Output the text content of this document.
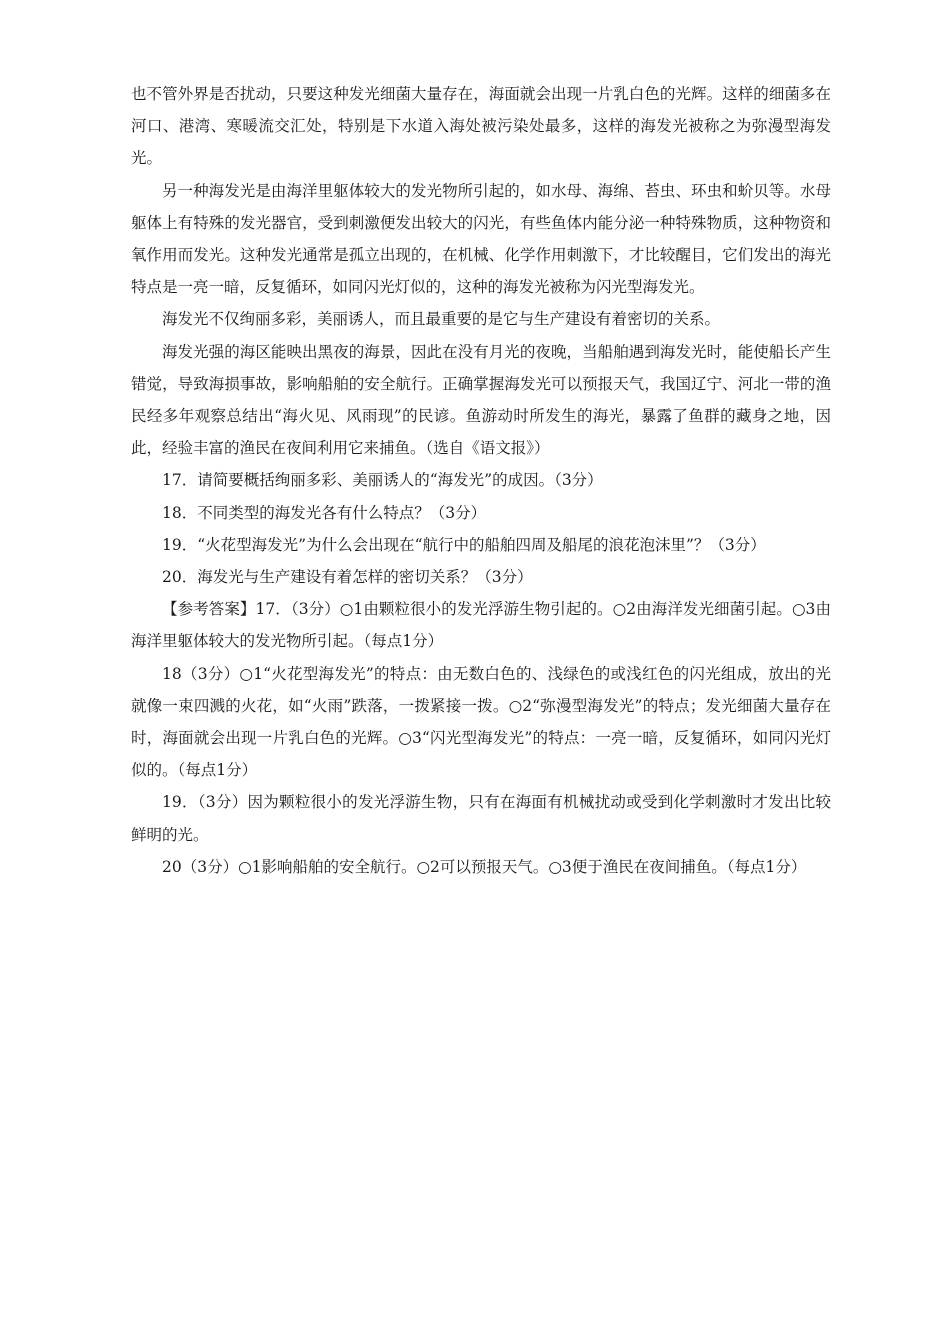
也不管外界是否扰动，只要这种发光细菌大量存在，海面就会出现一片乳白色的光辉。这样的细菌多在河口、港湾、寒暖流交汇处，特别是下水道入海处被污染处最多，这样的海发光被称之为弥漫型海发光。

另一种海发光是由海洋里躯体较大的发光物所引起的，如水母、海绵、苔虫、环虫和蚧贝等。水母躯体上有特殊的发光器官，受到刺激便发出较大的闪光，有些鱼体内能分泌一种特殊物质，这种物资和氧作用而发光。这种发光通常是孤立出现的，在机械、化学作用刺激下，才比较醒目，它们发出的海光特点是一亮一暗，反复循环，如同闪光灯似的，这种的海发光被称为闪光型海发光。

海发光不仅绚丽多彩，美丽诱人，而且最重要的是它与生产建设有着密切的关系。

海发光强的海区能映出黑夜的海景，因此在没有月光的夜晚，当船舶遇到海发光时，能使船长产生错觉，导致海损事故，影响船舶的安全航行。正确掌握海发光可以预报天气，我国辽宁、河北一带的渔民经多年观察总结出“海火见、风雨现”的民谚。鱼游动时所发生的海光，暴露了鱼群的藏身之地，因此，经验丰富的渔民在夜间利用它来捕鱼。（选自《语文报》）

17．请简要概括绚丽多彩、美丽诱人的“海发光”的成因。（3分）

18．不同类型的海发光各有什么特点？（3分）

19．“火花型海发光”为什么会出现在“航行中的船舶四周及船尾的浪花泡沫里”？（3分）

20．海发光与生产建设有着怎样的密切关系？（3分）

【参考答案】17．（3分）○1由颗粒很小的发光浮游生物引起的。○2由海洋发光细菌引起。○3由海洋里躯体较大的发光物所引起。（每点1分）

18（3分）○1“火花型海发光”的特点：由无数白色的、浅绿色的或浅红色的闪光组成，放出的光就像一束四溅的火花，如“火雨”跌落，一拨紧接一拨。○2“弥漫型海发光”的特点；发光细菌大量存在时，海面就会出现一片乳白色的光辉。○3“闪光型海发光”的特点：一亮一暗，反复循环，如同闪光灯似的。（每点1分）

19．（3分）因为颗粒很小的发光浮游生物，只有在海面有机械扰动或受到化学刺激时才发出比较鲜明的光。

20（3分）○1影响船舶的安全航行。○2可以预报天气。○3便于渔民在夜间捕鱼。（每点1分）
